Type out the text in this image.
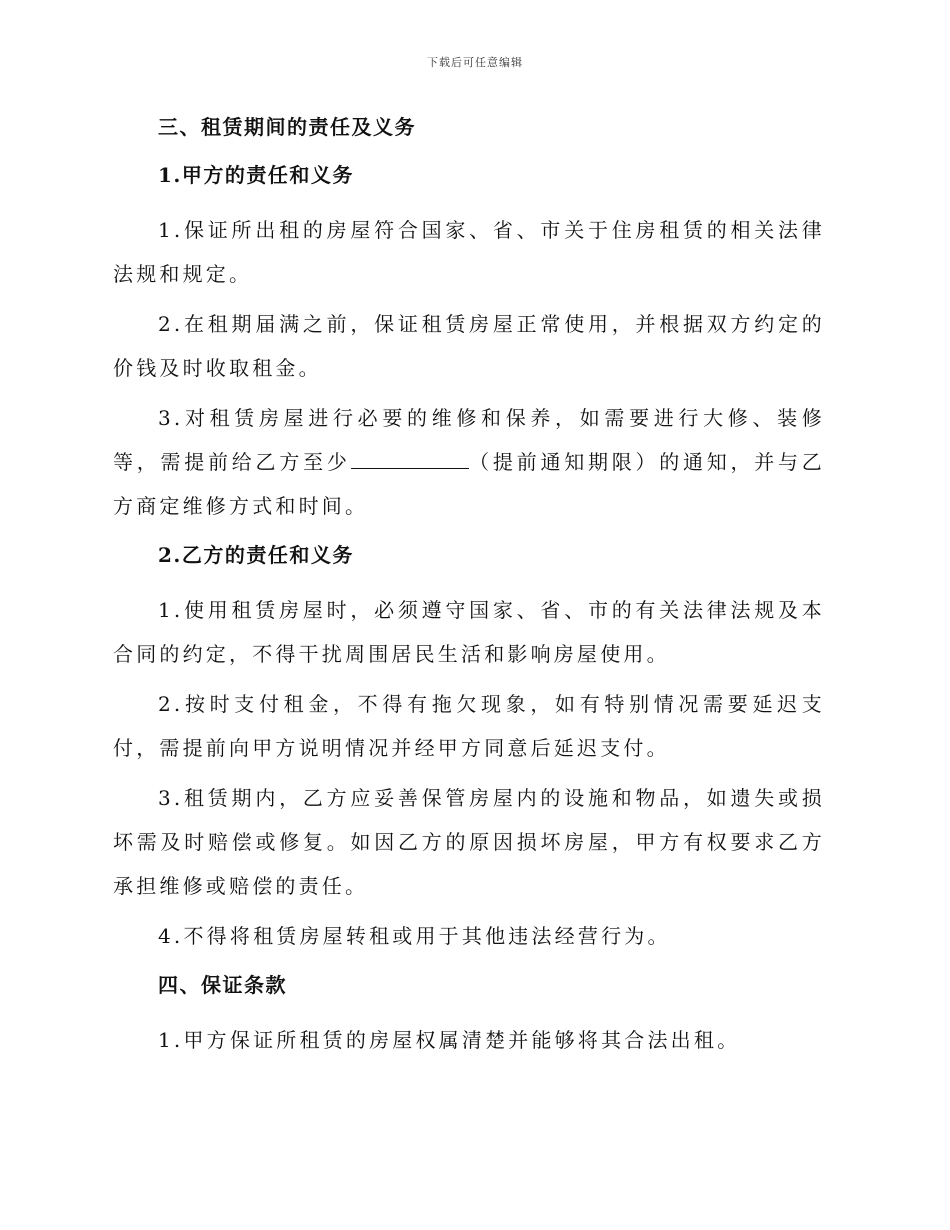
下载后可任意编辑
三、租赁期间的责任及义务
1.甲方的责任和义务

1.保证所出租的房屋符合国家、省、市关于住房租赁的相关法律法规和规定。

2.在租期届满之前，保证租赁房屋正常使用，并根据双方约定的价钱及时收取租金。

3.对租赁房屋进行必要的维修和保养，如需要进行大修、装修等，需提前给乙方至少	（提前通知期限）的通知，并与乙方商定维修方式和时间。

2.乙方的责任和义务

1.使用租赁房屋时，必须遵守国家、省、市的有关法律法规及本合同的约定，不得干扰周围居民生活和影响房屋使用。

2.按时支付租金，不得有拖欠现象，如有特别情况需要延迟支付，需提前向甲方说明情况并经甲方同意后延迟支付。

3.租赁期内，乙方应妥善保管房屋内的设施和物品，如遗失或损坏需及时赔偿或修复。如因乙方的原因损坏房屋，甲方有权要求乙方承担维修或赔偿的责任。

4.不得将租赁房屋转租或用于其他违法经营行为。

四、保证条款

1.甲方保证所租赁的房屋权属清楚并能够将其合法出租。
